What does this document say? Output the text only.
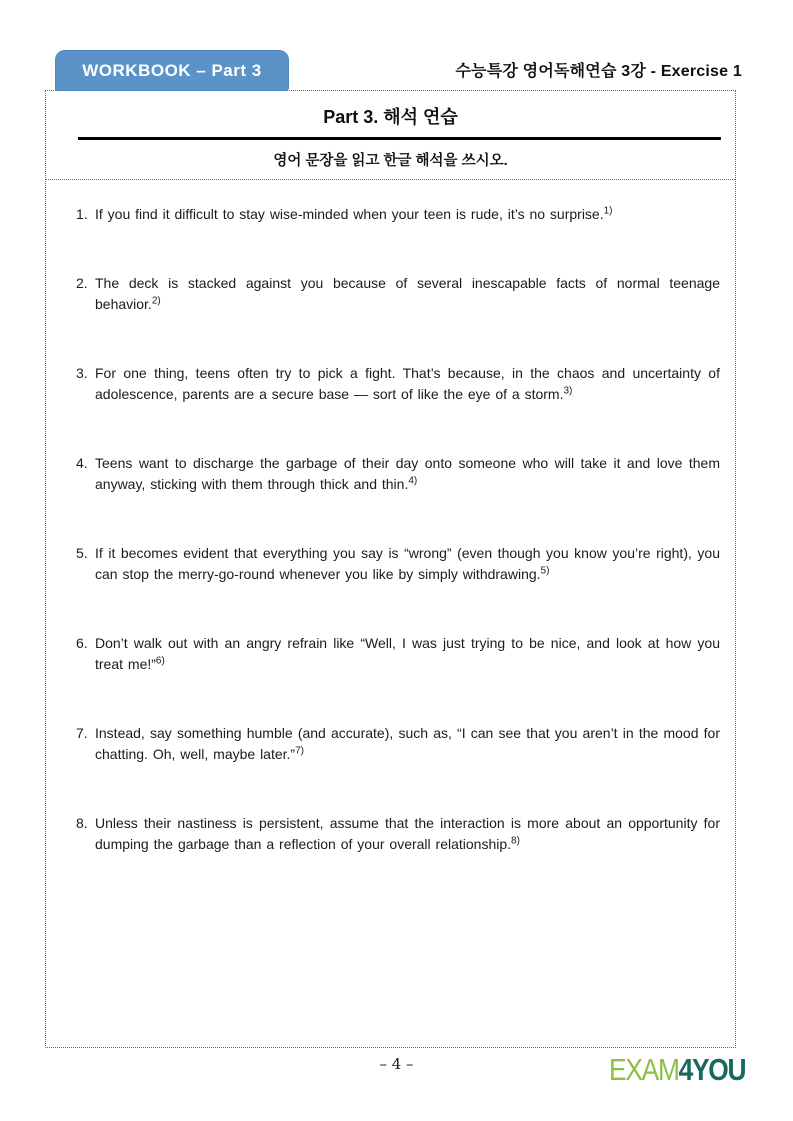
WORKBOOK – Part 3	수능특강 영어독해연습 3강 - Exercise 1
Part 3. 해석 연습
영어 문장을 읽고 한글 해석을 쓰시오.
1. If you find it difficult to stay wise-minded when your teen is rude, it’s no surprise.$^{1)}$
2. The deck is stacked against you because of several inescapable facts of normal teenage behavior.$^{2)}$
3. For one thing, teens often try to pick a fight. That’s because, in the chaos and uncertainty of adolescence, parents are a secure base — sort of like the eye of a storm.$^{3)}$
4. Teens want to discharge the garbage of their day onto someone who will take it and love them anyway, sticking with them through thick and thin.$^{4)}$
5. If it becomes evident that everything you say is “wrong” (even though you know you’re right), you can stop the merry-go-round whenever you like by simply withdrawing.$^{5)}$
6. Don’t walk out with an angry refrain like “Well, I was just trying to be nice, and look at how you treat me!”$^{6)}$
7. Instead, say something humble (and accurate), such as, “I can see that you aren’t in the mood for chatting. Oh, well, maybe later.”$^{7)}$
8. Unless their nastiness is persistent, assume that the interaction is more about an opportunity for dumping the garbage than a reflection of your overall relationship.$^{8)}$
– 4 –	EXAM4YOU
